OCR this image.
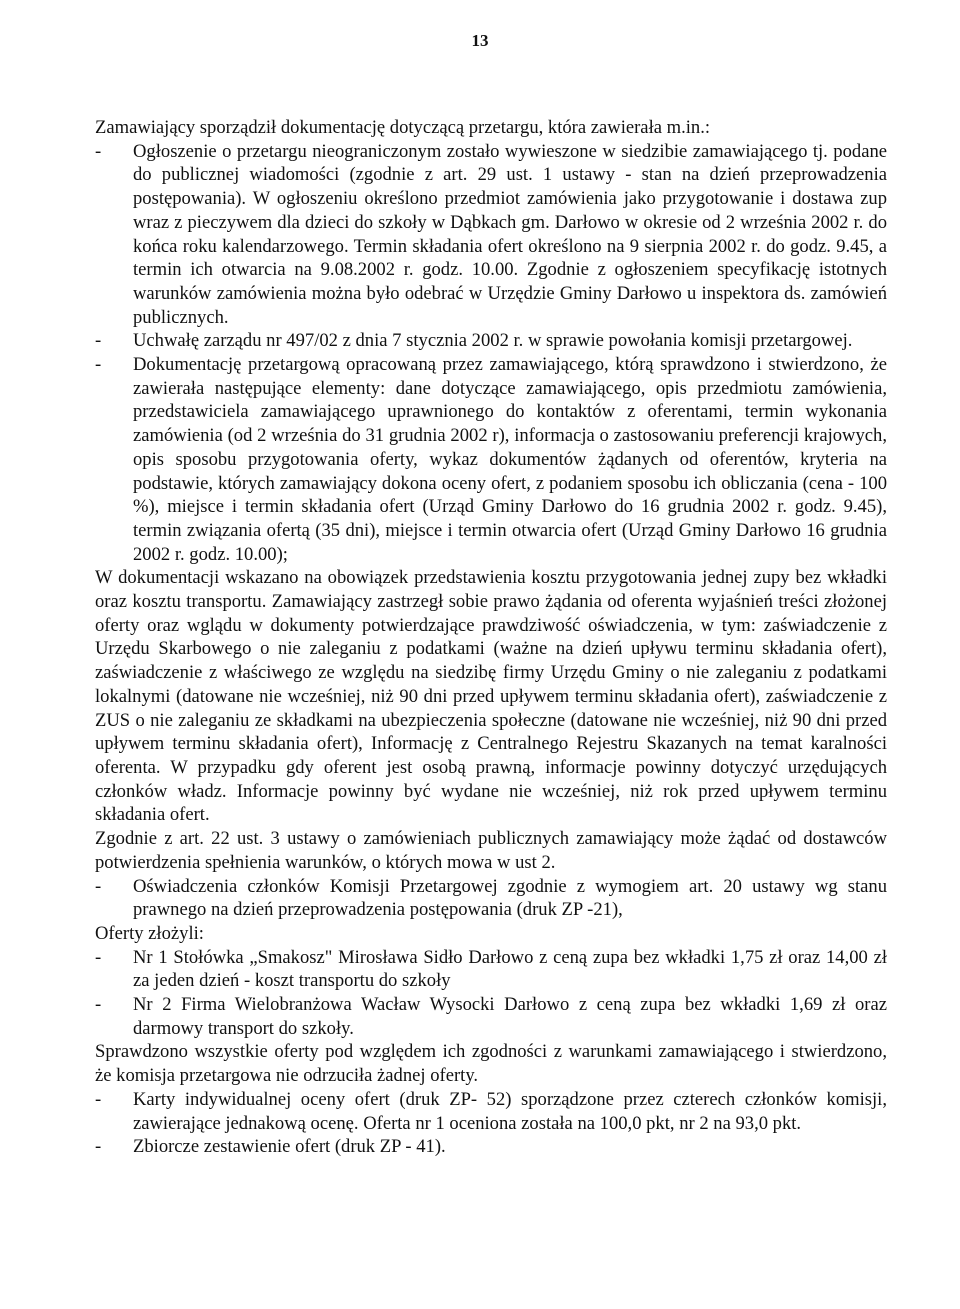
13

Zamawiający sporządził dokumentację dotyczącą przetargu, która zawierała m.in.:

- Ogłoszenie o przetargu nieograniczonym zostało wywieszone w siedzibie zamawiającego tj. podane do publicznej wiadomości (zgodnie z art. 29 ust. 1 ustawy - stan na dzień przeprowadzenia postępowania). W ogłoszeniu określono przedmiot zamówienia jako przygotowanie i dostawa zup wraz z pieczywem dla dzieci do szkoły w Dąbkach gm. Darłowo w okresie od 2 września 2002 r. do końca roku kalendarzowego. Termin składania ofert określono na 9 sierpnia 2002 r. do godz. 9.45, a termin ich otwarcia na 9.08.2002 r. godz. 10.00. Zgodnie z ogłoszeniem specyfikację istotnych warunków zamówienia można było odebrać w Urzędzie Gminy Darłowo u inspektora ds. zamówień publicznych.
- Uchwałę zarządu nr 497/02 z dnia 7 stycznia 2002 r. w sprawie powołania komisji przetargowej.
- Dokumentację przetargową opracowaną przez zamawiającego, którą sprawdzono i stwierdzono, że zawierała następujące elementy: dane dotyczące zamawiającego, opis przedmiotu zamówienia, przedstawiciela zamawiającego uprawnionego do kontaktów z oferentami, termin wykonania zamówienia (od 2 września do 31 grudnia 2002 r), informacja o zastosowaniu preferencji krajowych, opis sposobu przygotowania oferty, wykaz dokumentów żądanych od oferentów, kryteria na podstawie, których zamawiający dokona oceny ofert, z podaniem sposobu ich obliczania (cena - 100 %), miejsce i termin składania ofert (Urząd Gminy Darłowo do 16 grudnia 2002 r. godz. 9.45), termin związania ofertą (35 dni), miejsce i termin otwarcia ofert (Urząd Gminy Darłowo 16 grudnia 2002 r. godz. 10.00);

W dokumentacji wskazano na obowiązek przedstawienia kosztu przygotowania jednej zupy bez wkładki oraz kosztu transportu. Zamawiający zastrzegł sobie prawo żądania od oferenta wyjaśnień treści złożonej oferty oraz wglądu w dokumenty potwierdzające prawdziwość oświadczenia, w tym: zaświadczenie z Urzędu Skarbowego o nie zaleganiu z podatkami (ważne na dzień upływu terminu składania ofert), zaświadczenie z właściwego ze względu na siedzibę firmy Urzędu Gminy o nie zaleganiu z podatkami lokalnymi (datowane nie wcześniej, niż 90 dni przed upływem terminu składania ofert), zaświadczenie z ZUS o nie zaleganiu ze składkami na ubezpieczenia społeczne (datowane nie wcześniej, niż 90 dni przed upływem terminu składania ofert), Informację z Centralnego Rejestru Skazanych na temat karalności oferenta. W przypadku gdy oferent jest osobą prawną, informacje powinny dotyczyć urzędujących członków władz. Informacje powinny być wydane nie wcześniej, niż rok przed upływem terminu składania ofert.

Zgodnie z art. 22 ust. 3 ustawy o zamówieniach publicznych zamawiający może żądać od dostawców potwierdzenia spełnienia warunków, o których mowa w ust 2.

- Oświadczenia członków Komisji Przetargowej zgodnie z wymogiem art. 20 ustawy wg stanu prawnego na dzień przeprowadzenia postępowania (druk ZP -21),

Oferty złożyli:

- Nr 1 Stołówka „Smakosz" Mirosława Sidło Darłowo z ceną zupa bez wkładki 1,75 zł oraz 14,00 zł za jeden dzień - koszt transportu do szkoły
- Nr 2 Firma Wielobranżowa Wacław Wysocki Darłowo z ceną zupa bez wkładki 1,69 zł oraz darmowy transport do szkoły.

Sprawdzono wszystkie oferty pod względem ich zgodności z warunkami zamawiającego i stwierdzono, że komisja przetargowa nie odrzuciła żadnej oferty.

- Karty indywidualnej oceny ofert (druk ZP- 52) sporządzone przez czterech członków komisji, zawierające jednakową ocenę. Oferta nr 1 oceniona została na 100,0 pkt, nr 2 na 93,0 pkt.
- Zbiorcze zestawienie ofert (druk ZP - 41).
